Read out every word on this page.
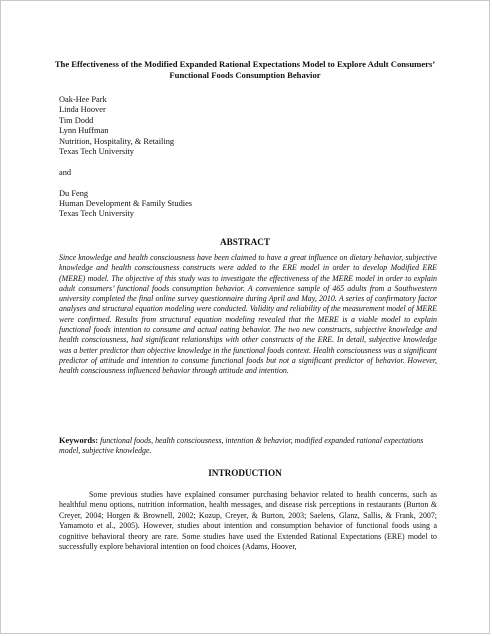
The Effectiveness of the Modified Expanded Rational Expectations Model to Explore Adult Consumers’ Functional Foods Consumption Behavior
Oak-Hee Park
Linda Hoover
Tim Dodd
Lynn Huffman
Nutrition, Hospitality, & Retailing
Texas Tech University
and
Du Feng
Human Development & Family Studies
Texas Tech University
ABSTRACT
Since knowledge and health consciousness have been claimed to have a great influence on dietary behavior, subjective knowledge and health consciousness constructs were added to the ERE model in order to develop Modified ERE (MERE) model. The objective of this study was to investigate the effectiveness of the MERE model in order to explain adult consumers’ functional foods consumption behavior. A convenience sample of 465 adults from a Southwestern university completed the final online survey questionnaire during April and May, 2010. A series of confirmatory factor analyses and structural equation modeling were conducted. Validity and reliability of the measurement model of MERE were confirmed. Results from structural equation modeling revealed that the MERE is a viable model to explain functional foods intention to consume and actual eating behavior. The two new constructs, subjective knowledge and health consciousness, had significant relationships with other constructs of the ERE. In detail, subjective knowledge was a better predictor than objective knowledge in the functional foods context. Health consciousness was a significant predictor of attitude and intention to consume functional foods but not a significant predictor of behavior. However, health consciousness influenced behavior through attitude and intention.
Keywords: functional foods, health consciousness, intention & behavior, modified expanded rational expectations model, subjective knowledge.
INTRODUCTION
Some previous studies have explained consumer purchasing behavior related to health concerns, such as healthful menu options, nutrition information, health messages, and disease risk perceptions in restaurants (Burton & Creyer, 2004; Horgen & Brownell, 2002; Kozup, Creyer, & Burton, 2003; Saelens, Glanz, Sallis, & Frank, 2007; Yamamoto et al., 2005). However, studies about intention and consumption behavior of functional foods using a cognitive behavioral theory are rare. Some studies have used the Extended Rational Expectations (ERE) model to successfully explore behavioral intention on food choices (Adams, Hoover,
